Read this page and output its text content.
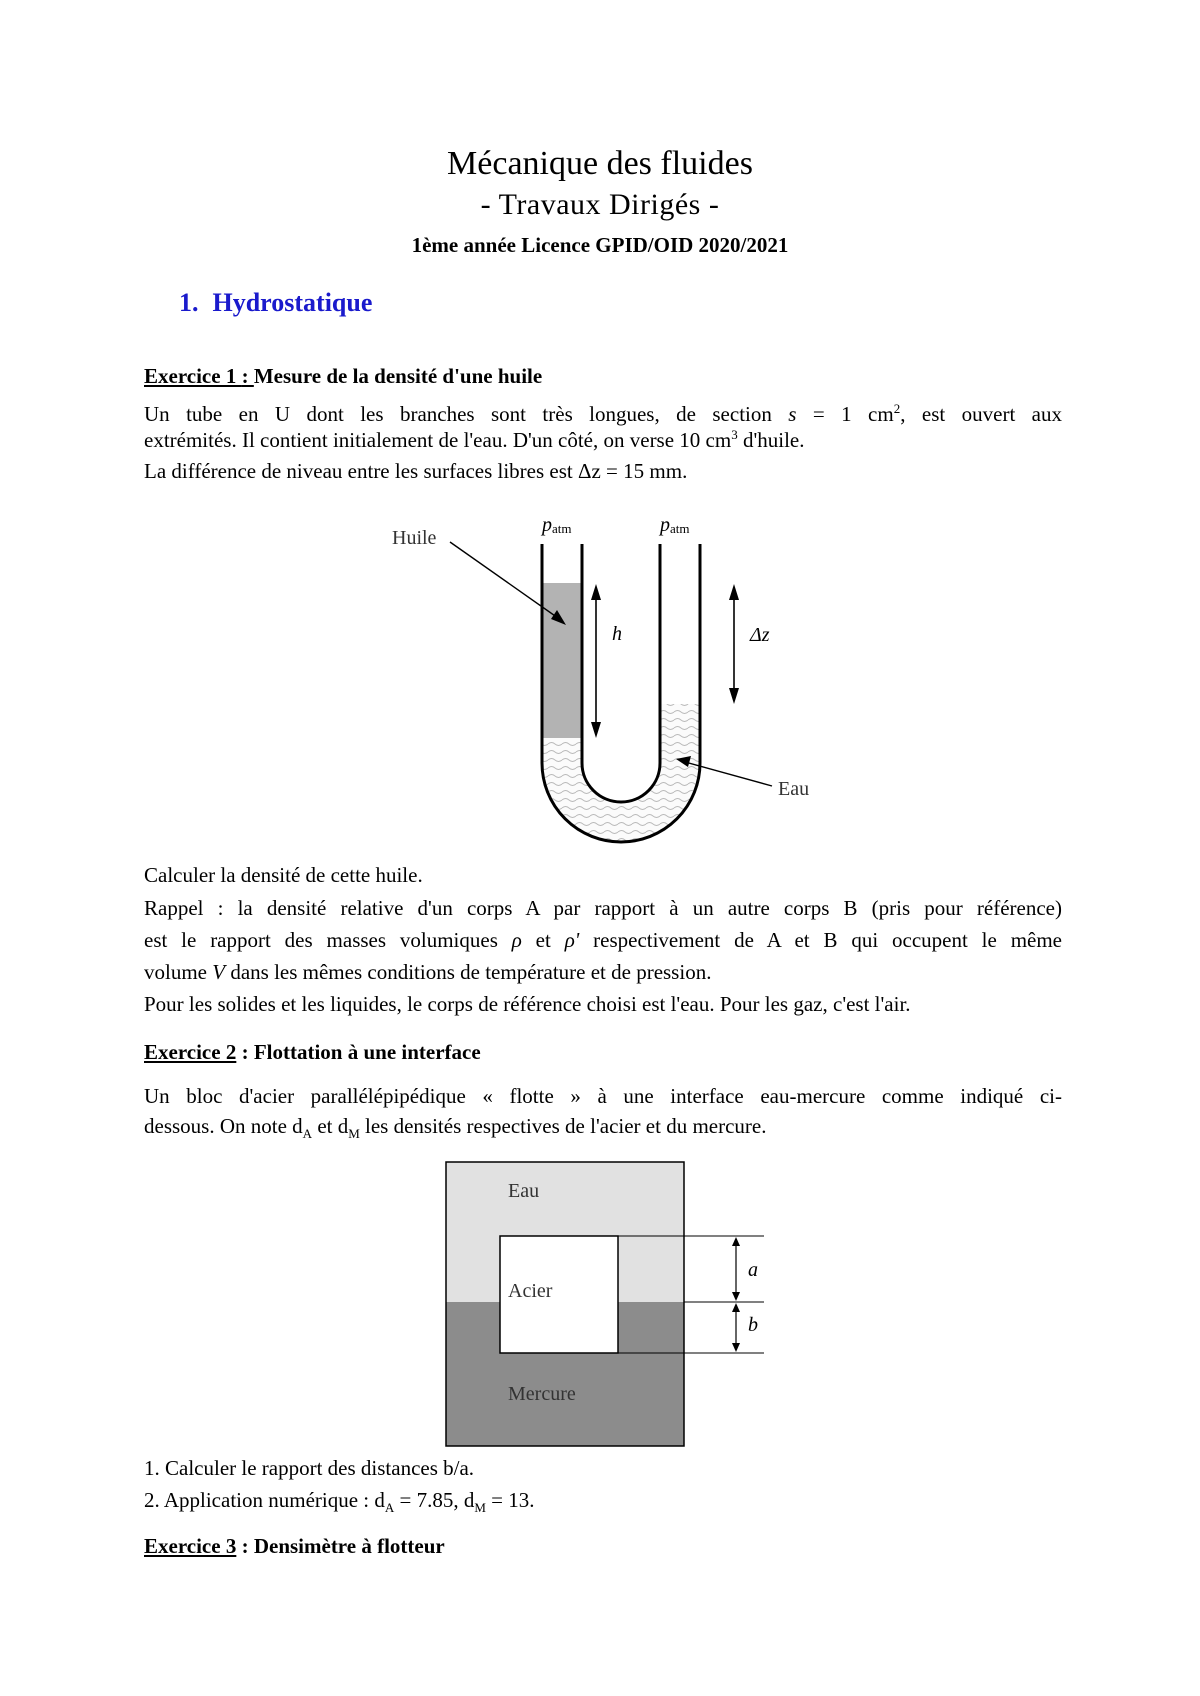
Mécanique des fluides
- Travaux Dirigés -
1ème année Licence GPID/OID 2020/2021
1. Hydrostatique
Exercice 1 : Mesure de la densité d'une huile
Un tube en U dont les branches sont très longues, de section s = 1 $cm^2$, est ouvert aux
extrémités. Il contient initialement de l'eau. D'un côté, on verse 10 $cm^3$ d'huile.
La différence de niveau entre les surfaces libres est Δz = 15 mm.
patm	patm
Huile
h	Δz
Eau
Calculer la densité de cette huile.
Rappel : la densité relative d'un corps A par rapport à un autre corps B (pris pour référence)
est le rapport des masses volumiques ρ et ρ' respectivement de A et B qui occupent le même
volume V dans les mêmes conditions de température et de pression.
Pour les solides et les liquides, le corps de référence choisi est l'eau. Pour les gaz, c'est l'air.
Exercice 2 : Flottation à une interface
Un bloc d'acier parallélépipédique « flotte » à une interface eau-mercure comme indiqué ci-
dessous. On note $d_A$ et $d_M$ les densités respectives de l'acier et du mercure.
a
b
Eau
Acier
Mercure
1. Calculer le rapport des distances b/a.
2. Application numérique : $d_A = 7.85$, $d_M = 13$.
Exercice 3 : Densimètre à flotteur
